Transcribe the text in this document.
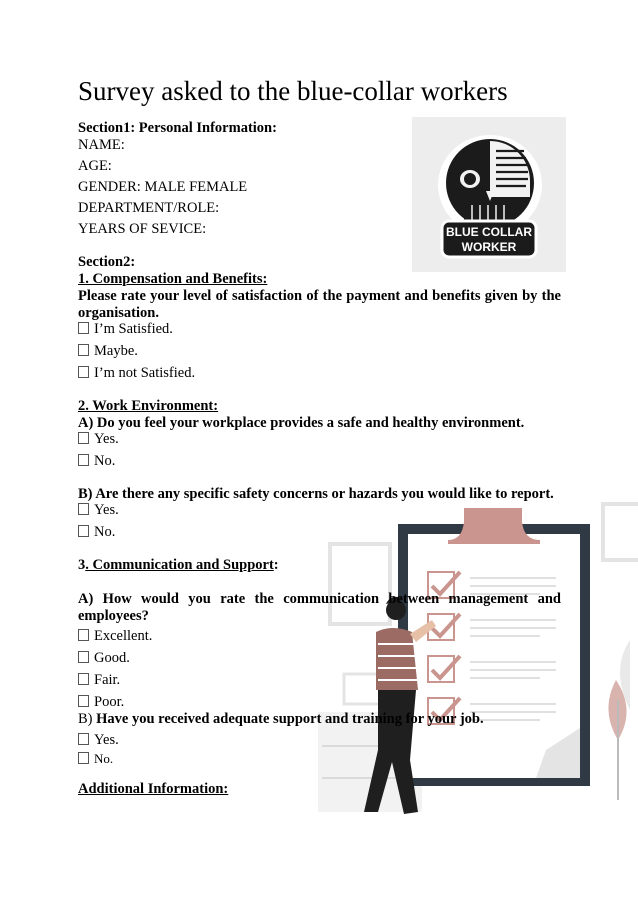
Survey asked to the blue-collar workers
Section1: Personal Information:
NAME:
AGE:
GENDER: MALE FEMALE
DEPARTMENT/ROLE:
YEARS OF SEVICE:	BLUE COLLAR
WORKER
Section2:
1. Compensation and Benefits:
Please rate your level of satisfaction of the payment and benefits given by the organisation.
I’m Satisfied.
Maybe.
I’m not Satisfied.
2. Work Environment:
A) Do you feel your workplace provides a safe and healthy environment.
Yes.
No.
B) Are there any specific safety concerns or hazards you would like to report.
Yes.
No.
3. Communication and Support:
A) How would you rate the communication between management and employees?
Excellent.
Good.
Fair.
Poor.
B) Have you received adequate support and training for your job.
Yes.
No.
Additional Information:
